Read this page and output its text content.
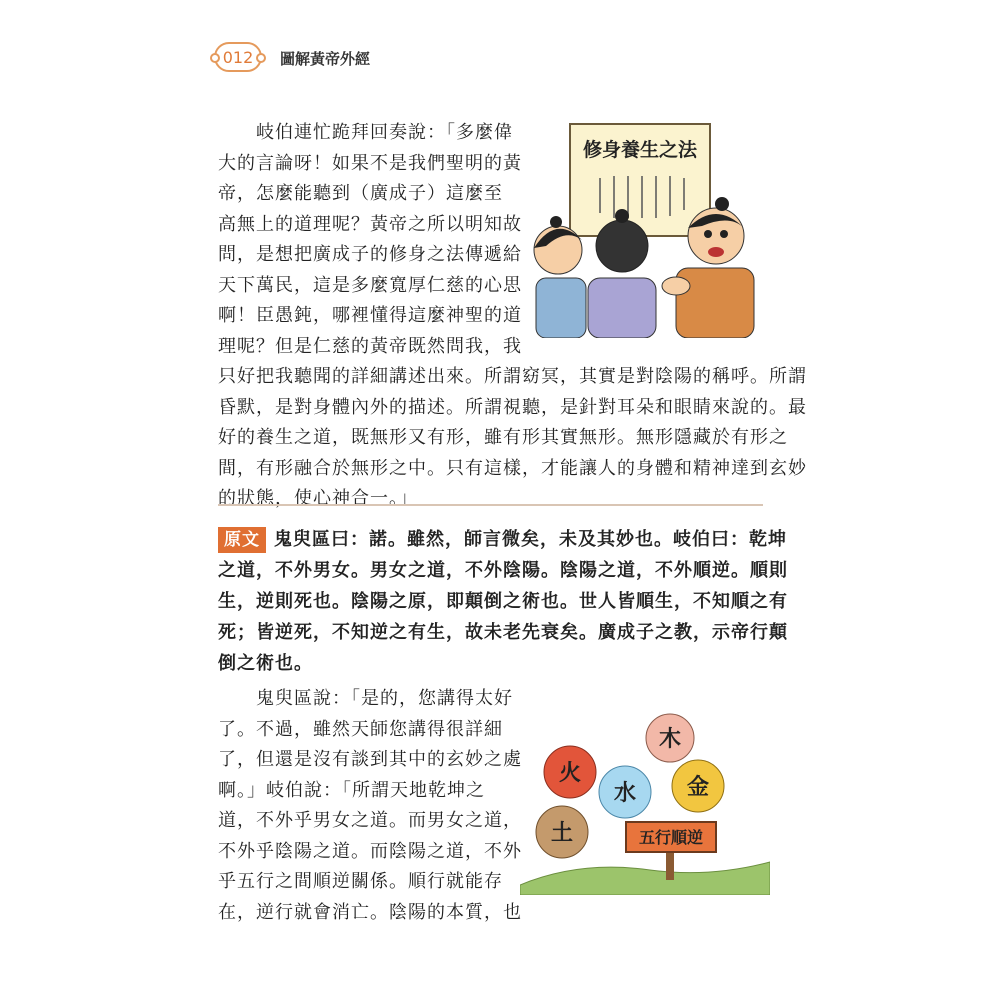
012 圖解黃帝外經
　　岐伯連忙跪拜回奏說：「多麼偉
大的言論呀！如果不是我們聖明的黃
帝，怎麼能聽到（廣成子）這麼至
高無上的道理呢？黃帝之所以明知故
問，是想把廣成子的修身之法傳遞給
天下萬民，這是多麼寬厚仁慈的心思
啊！臣愚鈍，哪裡懂得這麼神聖的道
理呢？但是仁慈的黃帝既然問我，我
修身養生之法
只好把我聽聞的詳細講述出來。所謂窈冥，其實是對陰陽的稱呼。所謂
昏默，是對身體內外的描述。所謂視聽，是針對耳朵和眼睛來說的。最
好的養生之道，既無形又有形，雖有形其實無形。無形隱藏於有形之
間，有形融合於無形之中。只有這樣，才能讓人的身體和精神達到玄妙
的狀態，使心神合一。」
原文 鬼臾區曰：諾。雖然，師言微矣，未及其妙也。岐伯曰：乾坤
之道，不外男女。男女之道，不外陰陽。陰陽之道，不外順逆。順則
生，逆則死也。陰陽之原，即顛倒之術也。世人皆順生，不知順之有
死；皆逆死，不知逆之有生，故未老先衰矣。廣成子之教，示帝行顛
倒之術也。
　　鬼臾區說：「是的，您講得太好
了。不過，雖然天師您講得很詳細
了，但還是沒有談到其中的玄妙之處
啊。」岐伯說：「所謂天地乾坤之
道，不外乎男女之道。而男女之道，
不外乎陰陽之道。而陰陽之道，不外
乎五行之間順逆關係。順行就能存
在，逆行就會消亡。陰陽的本質，也
木
火
水 金
土	五行順逆
